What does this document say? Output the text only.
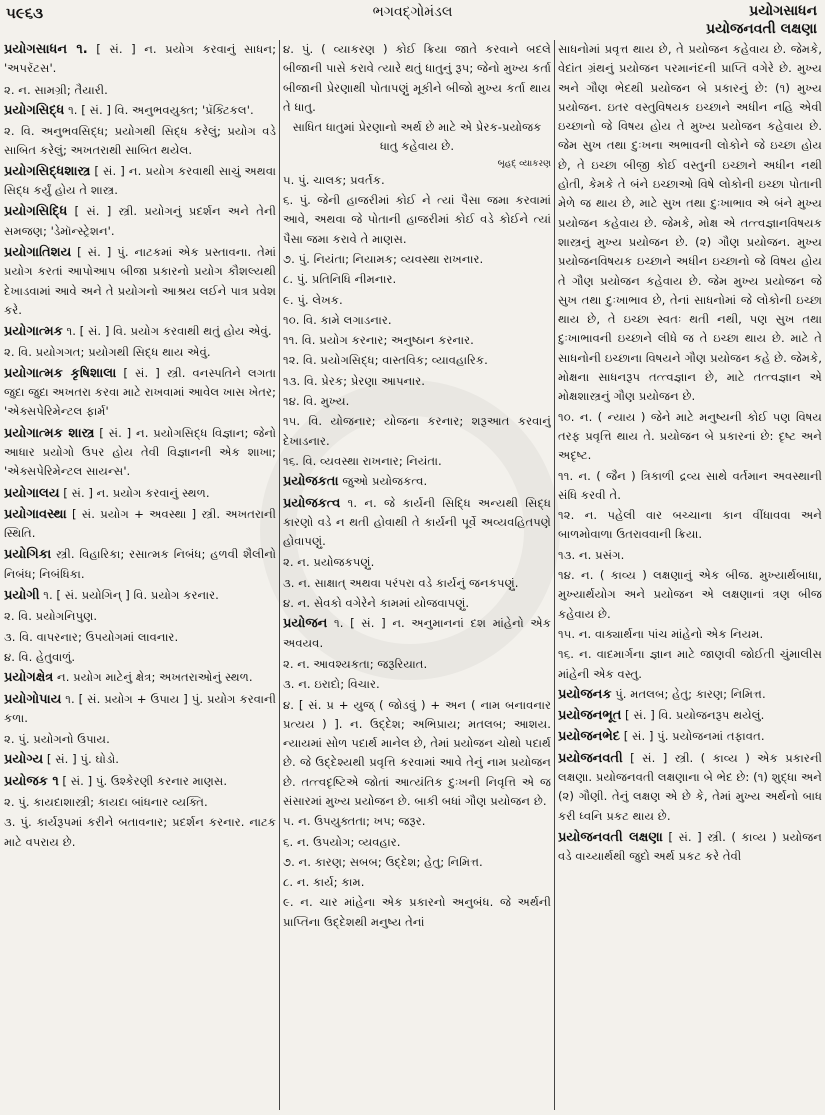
૫૯૬૩	ભગવદ્ગોમંડલ	પ્રયોગસાધન
પ્રયોજનવતી લક્ષણા
પ્રયોગસાધન ૧. [ સં. ] ન. પ્રયોગ કરવાનું સાધન; 'અપરૅટસ'.
૨. ન. સામગ્રી; તૈયારી.
પ્રયોગસિદ્ધ ૧. [ સં. ] વિ. અનુભવયુક્ત; 'પ્રૅક્ટિકલ'.
૨. વિ. અનુભવસિદ્ધ; પ્રયોગથી સિદ્ધ કરેલું; પ્રયોગ વડે સાબિત કરેલું; અખતરાથી સાબિત થયેલ.
પ્રયોગસિદ્ધશાસ્ત્ર [ સં. ] ન. પ્રયોગ કરવાથી સાચું અથવા સિદ્ધ કર્યું હોય તે શાસ્ત્ર.
પ્રયોગસિદ્ધિ [ સં. ] સ્ત્રી. પ્રયોગનું પ્રદર્શન અને તેની સમજણ; 'ડેમૉન્સ્ટ્રેશન'.
પ્રયોગાતિશય [ સં. ] પું. નાટકમાં એક પ્રસ્તાવના. તેમાં પ્રયોગ કરતાં આપોઆપ બીજા પ્રકારનો પ્રયોગ કૌશલ્યથી દેખાડવામાં આવે અને તે પ્રયોગનો આશ્રય લઈને પાત્ર પ્રવેશ કરે.
પ્રયોગાત્મક ૧. [ સં. ] વિ. પ્રયોગ કરવાથી થતું હોય એવું.
૨. વિ. પ્રયોગગત; પ્રયોગથી સિદ્ધ થાય એવું.
પ્રયોગાત્મક કૃષિશાલા [ સં. ] સ્ત્રી. વનસ્પતિને લગતા જુદા જુદા અખતરા કરવા માટે રાખવામાં આવેલ ખાસ ખેતર; 'એક્સપેરિમેન્ટલ ફાર્મ'
પ્રયોગાત્મક શાસ્ત્ર [ સં. ] ન. પ્રયોગસિદ્ધ વિજ્ઞાન; જેનો આધાર પ્રયોગો ઉપર હોય તેવી વિજ્ઞાનની એક શાખા; 'એક્સપેરિમેન્ટલ સાયન્સ'.
પ્રયોગાલય [ સં. ] ન. પ્રયોગ કરવાનું સ્થળ.
પ્રયોગાવસ્થા [ સં. પ્રયોગ + અવસ્થા ] સ્ત્રી. અખતરાની સ્થિતિ.
પ્રયોગિકા સ્ત્રી. વિહારિકા; રસાત્મક નિબંધ; હળવી શૈલીનો નિબંધ; નિબંધિકા.
પ્રયોગી ૧. [ સં. પ્રયોગિન્ ] વિ. પ્રયોગ કરનાર.
૨. વિ. પ્રયોગનિપુણ.
૩. વિ. વાપરનાર; ઉપયોગમાં લાવનાર.
૪. વિ. હેતુવાળું.
પ્રયોગક્ષેત્ર ન. પ્રયોગ માટેનું ક્ષેત્ર; અખતરાઓનું સ્થળ.
પ્રયોગોપાય ૧. [ સં. પ્રયોગ + ઉપાય ] પું. પ્રયોગ કરવાની કળા.
૨. પું. પ્રયોગનો ઉપાય.
પ્રયોગ્ય [ સં. ] પું. ઘોડો.
પ્રયોજક ૧ [ સં. ] પું. ઉશ્કેરણી કરનાર માણસ.
૨. પું. કાયદાશાસ્ત્રી; કાયદા બાંધનાર વ્યક્તિ.
૩. પું. કાર્યરૂપમાં કરીને બતાવનાર; પ્રદર્શન કરનાર. નાટક માટે વપરાય છે.
૪. પું. ( વ્યાકરણ ) કોઈ ક્રિયા જાતે કરવાને બદલે બીજાની પાસે કરાવે ત્યારે થતું ધાતુનું રૂપ; જેનો મુખ્ય કર્તા બીજાની પ્રેરણાથી પોતાપણું મૂકીને બીજો મુખ્ય કર્તા થાય તે ધાતુ.
સાધિત ધાતુમાં પ્રેરણાનો અર્થ છે માટે એ પ્રેરક-પ્રયોજક ધાતુ કહેવાય છે.
બૃહદ્ વ્યાકરણ
૫. પું. ચાલક; પ્રવર્તક.
૬. પું. જેની હાજરીમાં કોઈ ને ત્યાં પૈસા જમા કરવામાં આવે, અથવા જે પોતાની હાજરીમાં કોઈ વડે કોઈને ત્યાં પૈસા જમા કરાવે તે માણસ.
૭. પું. નિયંતા; નિયામક; વ્યવસ્થા રાખનાર.
૮. પું. પ્રતિનિધિ નીમનાર.
૯. પું. લેખક.
૧૦. વિ. કામે લગાડનાર.
૧૧. વિ. પ્રયોગ કરનાર; અનુષ્ઠાન કરનાર.
૧૨. વિ. પ્રયોગસિદ્ધ; વાસ્તવિક; વ્યાવહારિક.
૧૩. વિ. પ્રેરક; પ્રેરણા આપનાર.
૧૪. વિ. મુખ્ય.
૧૫. વિ. યોજનાર; યોજના કરનાર; શરૂઆત કરવાનું દેખાડનાર.
૧૬. વિ. વ્યવસ્થા રાખનાર; નિયંતા.
પ્રયોજકતા જુઓ પ્રયોજકત્વ.
પ્રયોજકત્વ ૧. ન. જે કાર્યની સિદ્ધિ અન્યથી સિદ્ધ કારણો વડે ન થતી હોવાથી તે કાર્યની પૂર્વે અવ્યવહિતપણે હોવાપણું.
૨. ન. પ્રયોજકપણું.
૩. ન. સાક્ષાત્ અથવા પરંપરા વડે કાર્યનું જનકપણું.
૪. ન. સેવકો વગેરેને કામમાં યોજવાપણું.
પ્રયોજન ૧. [ સં. ] ન. અનુમાનનાં દશ માંહેનો એક અવયવ.
૨. ન. આવશ્યકતા; જરૂરિયાત.
૩. ન. ઇરાદો; વિચાર.
૪. [ સં. પ્ર + યુજ્ ( જોડવું ) + અન ( નામ બનાવનાર પ્રત્યય ) ]. ન. ઉદ્દેશ; અભિપ્રાય; મતલબ; આશય. ન્યાયમાં સોળ પદાર્થ માનેલ છે, તેમાં પ્રયોજન ચોથો પદાર્થ છે. જે ઉદ્દેશ્યથી પ્રવૃત્તિ કરવામાં આવે તેનું નામ પ્રયોજન છે. તત્ત્વદૃષ્ટિએ જોતાં આત્યંતિક દુઃખની નિવૃત્તિ એ જ સંસારમાં મુખ્ય પ્રયોજન છે. બાકી બધાં ગૌણ પ્રયોજન છે.
૫. ન. ઉપયુક્તતા; ખપ; જરૂર.
૬. ન. ઉપયોગ; વ્યવહાર.
૭. ન. કારણ; સબબ; ઉદ્દેશ; હેતુ; નિમિત્ત.
૮. ન. કાર્ય; કામ.
૯. ન. ચાર માંહેના એક પ્રકારનો અનુબંધ. જે અર્થની પ્રાપ્તિના ઉદ્દેશથી મનુષ્ય તેનાં
સાધનોમાં પ્રવૃત્ત થાય છે, તે પ્રયોજન કહેવાય છે. જેમકે, વેદાંત ગ્રંથનું પ્રયોજન પરમાનંદની પ્રાપ્તિ વગેરે છે. મુખ્ય અને ગૌણ ભેદથી પ્રયોજન બે પ્રકારનું છે: (૧) મુખ્ય પ્રયોજન. ઇતર વસ્તુવિષયક ઇચ્છાને અધીન નહિ એવી ઇચ્છાનો જે વિષય હોય તે મુખ્ય પ્રયોજન કહેવાય છે. જેમ સુખ તથા દુઃખના અભાવની લોકોને જે ઇચ્છા હોય છે, તે ઇચ્છા બીજી કોઈ વસ્તુની ઇચ્છાને અધીન નથી હોતી, કેમકે તે બંને ઇચ્છાઓ વિષે લોકોની ઇચ્છા પોતાની મેળે જ થાય છે, માટે સુખ તથા દુઃખાભાવ એ બંને મુખ્ય પ્રયોજન કહેવાય છે. જેમકે, મોક્ષ એ તત્ત્વજ્ઞાનવિષયક શાસ્ત્રનું મુખ્ય પ્રયોજન છે. (૨) ગૌણ પ્રયોજન. મુખ્ય પ્રયોજનવિષયક ઇચ્છાને અધીન ઇચ્છાનો જે વિષય હોય તે ગૌણ પ્રયોજન કહેવાય છે. જેમ મુખ્ય પ્રયોજન જે સુખ તથા દુઃખાભાવ છે, તેનાં સાધનોમાં જે લોકોની ઇચ્છા થાય છે, તે ઇચ્છા સ્વતઃ થતી નથી, પણ સુખ તથા દુઃખાભાવની ઇચ્છાને લીધે જ તે ઇચ્છા થાય છે. માટે તે સાધનોની ઇચ્છાના વિષયને ગૌણ પ્રયોજન કહે છે. જેમકે, મોક્ષના સાધનરૂપ તત્ત્વજ્ઞાન છે, માટે તત્ત્વજ્ઞાન એ મોક્ષશાસ્ત્રનું ગૌણ પ્રયોજન છે.
૧૦. ન. ( ન્યાય ) જેને માટે મનુષ્યની કોઈ પણ વિષય તરફ પ્રવૃત્તિ થાય તે. પ્રયોજન બે પ્રકારનાં છે: દૃષ્ટ અને અદૃષ્ટ.
૧૧. ન. ( જૈન ) ત્રિકાળી દ્રવ્ય સાથે વર્તમાન અવસ્થાની સંધિ કરવી તે.
૧૨. ન. પહેલી વાર બચ્ચાના કાન વીંધાવવા અને બાળમોવાળા ઉતરાવવાની ક્રિયા.
૧૩. ન. પ્રસંગ.
૧૪. ન. ( કાવ્ય ) લક્ષણાનું એક બીજ. મુખ્યાર્થબાધા, મુખ્યાર્થયોગ અને પ્રયોજન એ લક્ષણાનાં ત્રણ બીજ કહેવાય છે.
૧૫. ન. વાક્યાર્થના પાંચ માંહેનો એક નિયમ.
૧૬. ન. વાદમાર્ગના જ્ઞાન માટે જાણવી જોઈતી ચુંમાલીસ માંહેની એક વસ્તુ.
પ્રયોજનક પું. મતલબ; હેતુ; કારણ; નિમિત્ત.
પ્રયોજનભૂત [ સં. ] વિ. પ્રયોજનરૂપ થયેલું.
પ્રયોજનભેદ [ સં. ] પું. પ્રયોજનમાં તફાવત.
પ્રયોજનવતી [ સં. ] સ્ત્રી. ( કાવ્ય ) એક પ્રકારની લક્ષણા. પ્રયોજનવતી લક્ષણાના બે ભેદ છે: (૧) શુદ્ધા અને (૨) ગૌણી. તેનું લક્ષણ એ છે કે, તેમાં મુખ્ય અર્થનો બાધ કરી ધ્વનિ પ્રકટ થાય છે.
પ્રયોજનવતી લક્ષણા [ સં. ] સ્ત્રી. ( કાવ્ય ) પ્રયોજન વડે વાચ્યાર્થથી જુદો અર્થ પ્રકટ કરે તેવી
